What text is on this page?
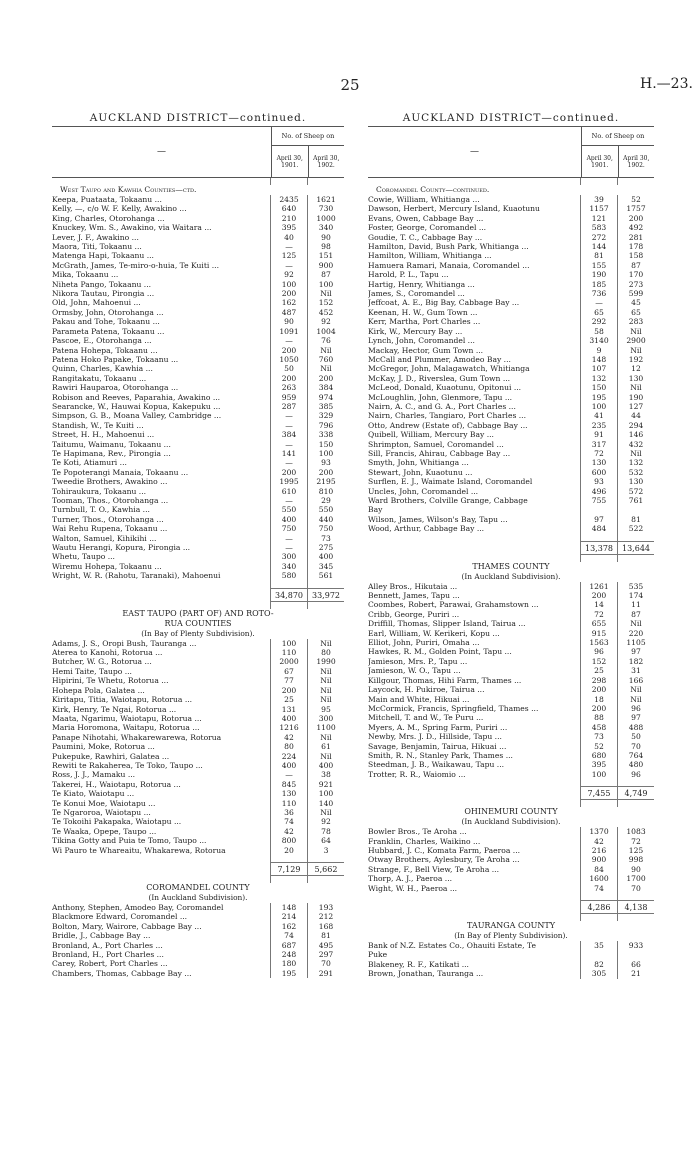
25	H.—23.
AUCKLAND DISTRICT—continued.
—
No. of Sheep on
April 30, 1901.
April 30, 1902.
West Taupo and Kawhia Counties—ctd.
Keepa, Puataata, Tokaanu ...	2435	1621
Kelly, —, c/o W. F. Kelly, Awakino ...	640	730
King, Charles, Otorohanga ...	210	1000
Knuckey, Wm. S., Awakino, via Waitara ...	395	340
Lever, J. F., Awakino ...	40	90
Maora, Titi, Tokaanu ...	—	98
Matenga Hapi, Tokaanu ...	125	151
McGrath, James, Te-miro-o-huia, Te Kuiti ...	—	900
Mika, Tokaanu ...	92	87
Niheta Pango, Tokaanu ...	100	100
Nikora Tautau, Pirongia ...	200	Nil
Old, John, Mahoenui ...	162	152
Ormsby, John, Otorohanga ...	487	452
Pakau and Tohe, Tokaanu ...	90	92
Parameta Patena, Tokaanu ...	1091	1004
Pascoe, E., Otorohanga ...	—	76
Patena Hohepa, Tokaanu ...	200	Nil
Patena Hoko Papake, Tokaanu ...	1050	760
Quinn, Charles, Kawhia ...	50	Nil
Rangitakatu, Tokaanu ...	200	200
Rawiri Hauparoa, Otorohanga ...	263	384
Robison and Reeves, Paparahia, Awakino ...	959	974
Searancke, W., Hauwai Kopua, Kakepuku ...	287	385
Simpson, G. B., Moana Valley, Cambridge ...	—	329
Standish, W., Te Kuiti ...	—	796
Street, H. H., Mahoenui ...	384	338
Taitumu, Waimanu, Tokaanu ...	—	150
Te Hapimana, Rev., Pirongia ...	141	100
Te Koti, Atiamuri ...	—	93
Te Popoterangi Manaia, Tokaanu ...	200	200
Tweedie Brothers, Awakino ...	1995	2195
Tohiraukura, Tokaanu ...	610	810
Tooman, Thos., Otorohanga ...	—	29
Turnbull, T. O., Kawhia ...	550	550
Turner, Thos., Otorohanga ...	400	440
Wai Rehu Rupena, Tokaanu ...	750	750
Walton, Samuel, Kihikihi ...	—	73
Wautu Herangi, Kopura, Pirongia ...	—	275
Whetu, Taupo ...	300	400
Wiremu Hohepa, Tokaanu ...	340	345
Wright, W. R. (Rahotu, Taranaki), Mahoenui	580	561
34,870	33,972
EAST TAUPO (PART OF) AND ROTO-
RUA COUNTIES
(In Bay of Plenty Subdivision).
Adams, J. S., Oropi Bush, Tauranga ...	100	Nil
Aterea to Kanohi, Rotorua ...	110	80
Butcher, W. G., Rotorua ...	2000	1990
Hemi Taite, Taupo ...	67	Nil
Hipirini, Te Whetu, Rotorua ...	77	Nil
Hohepa Pola, Galatea ...	200	Nil
Kiritapu, Titia, Waiotapu, Rotorua ...	25	Nil
Kirk, Henry, Te Ngai, Rotorua ...	131	95
Maata, Ngarimu, Waiotapu, Rotorua ...	400	300
Maria Horomona, Waitapu, Rotorua ...	1216	1100
Panape Nihotahi, Whakarewarewa, Rotorua	42	Nil
Paumini, Moke, Rotorua ...	80	61
Pukepuke, Rawhiri, Galatea ...	224	Nil
Rewiti te Rakaherea, Te Toko, Taupo ...	400	400
Ross, J. J., Mamaku ...	—	38
Takerei, H., Waiotapu, Rotorua ...	845	921
Te Kiato, Waiotapu ...	130	100
Te Konui Moe, Waiotapu ...	110	140
Te Ngaroroa, Waiotapu ...	36	Nil
Te Tokoihi Pakapaka, Waiotapu ...	74	92
Te Waaka, Opepe, Taupo ...	42	78
Tikina Gotty and Puia te Tomo, Taupo ...	800	64
Wi Pauro te Whareaitu, Whakarewa, Rotorua	20	3
7,129	5,662
COROMANDEL COUNTY
(In Auckland Subdivision).
Anthony, Stephen, Amodeo Bay, Coromandel	148	193
Blackmore Edward, Coromandel ...	214	212
Bolton, Mary, Wairore, Cabbage Bay ...	162	168
Bridle, J., Cabbage Bay ...	74	81
Bronland, A., Port Charles ...	687	495
Bronland, H., Port Charles ...	248	297
Carey, Robert, Port Charles ...	180	70
Chambers, Thomas, Cabbage Bay ...	195	291
AUCKLAND DISTRICT—continued.
—
No. of Sheep on
April 30, 1901.
April 30, 1902.
Coromandel County—continued.
Cowie, William, Whitianga ...	39	52
Dawson, Herbert, Mercury Island, Kuaotunu	1157	1757
Evans, Owen, Cabbage Bay ...	121	200
Foster, George, Coromandel ...	583	492
Goudie, T. C., Cabbage Bay ...	272	281
Hamilton, David, Bush Park, Whitianga ...	144	178
Hamilton, William, Whitianga ...	81	158
Hamuera Ramari, Manaia, Coromandel ...	155	87
Harold, P. L., Tapu ...	190	170
Hartig, Henry, Whitianga ...	185	273
James, S., Coromandel ...	736	599
Jeffcoat, A. E., Big Bay, Cabbage Bay ...	—	45
Keenan, H. W., Gum Town ...	65	65
Kerr, Martha, Port Charles ...	292	283
Kirk, W., Mercury Bay ...	58	Nil
Lynch, John, Coromandel ...	3140	2900
Mackay, Hector, Gum Town ...	9	Nil
McCall and Plummer, Amodeo Bay ...	148	192
McGregor, John, Malagawatch, Whitianga	107	12
McKay, J. D., Riverslea, Gum Town ...	132	130
McLeod, Donald, Kuaotunu, Opitonui ...	150	Nil
McLoughlin, John, Glenmore, Tapu ...	195	190
Nairn, A. C., and G. A., Port Charles ...	100	127
Nairn, Charles, Tangiaro, Port Charles ...	41	44
Otto, Andrew (Estate of), Cabbage Bay ...	235	294
Quibell, William, Mercury Bay ...	91	146
Shrimpton, Samuel, Coromandel ...	317	432
Sill, Francis, Ahirau, Cabbage Bay ...	72	Nil
Smyth, John, Whitianga ...	130	132
Stewart, John, Kuaotunu ...	600	532
Surflen, E. J., Waimate Island, Coromandel	93	130
Uncles, John, Coromandel ...	496	572
Ward Brothers, Colville Grange, Cabbage	755	761
Bay
Wilson, James, Wilson's Bay, Tapu ...	97	81
Wood, Arthur, Cabbage Bay ...	484	522
13,378	13,644
THAMES COUNTY
(In Auckland Subdivision).
Alley Bros., Hikutaia ...	1261	535
Bennett, James, Tapu ...	200	174
Coombes, Robert, Parawai, Grahamstown ...	14	11
Cribb, George, Puriri ...	72	87
Driffill, Thomas, Slipper Island, Tairua ...	655	Nil
Earl, William, W. Kerikeri, Kopu ...	915	220
Elliot, John, Puriri, Omaha ...	1563	1105
Hawkes, R. M., Golden Point, Tapu ...	96	97
Jamieson, Mrs. P., Tapu ...	152	182
Jamieson, W. O., Tapu ...	25	31
Killgour, Thomas, Hihi Farm, Thames ...	298	166
Laycock, H. Pukiroe, Tairua ...	200	Nil
Main and White, Hikuai ...	18	Nil
McCormick, Francis, Springfield, Thames ...	200	96
Mitchell, T. and W., Te Puru ...	88	97
Myers, A. M., Spring Farm, Puriri ...	458	488
Newby, Mrs. J. D., Hillside, Tapu ...	73	50
Savage, Benjamin, Tairua, Hikuai ...	52	70
Smith, R. N., Stanley Park, Thames ...	680	764
Steedman, J. B., Waikawau, Tapu ...	395	480
Trotter, R. R., Waiomio ...	100	96
7,455	4,749
OHINEMURI COUNTY
(In Auckland Subdivision).
Bowler Bros., Te Aroha ...	1370	1083
Franklin, Charles, Waikino ...	42	72
Hubbard, J. C., Komata Farm, Paeroa ...	216	125
Otway Brothers, Aylesbury, Te Aroha ...	900	998
Strange, F., Bell View, Te Aroha ...	84	90
Thorp, A. J., Paeroa ...	1600	1700
Wight, W. H., Paeroa ...	74	70
4,286	4,138
TAURANGA COUNTY
(In Bay of Plenty Subdivision).
Bank of N.Z. Estates Co., Ohauiti Estate, Te	35	933
Puke
Blakeney, R. F., Katikati ...	82	66
Brown, Jonathan, Tauranga ...	305	21
